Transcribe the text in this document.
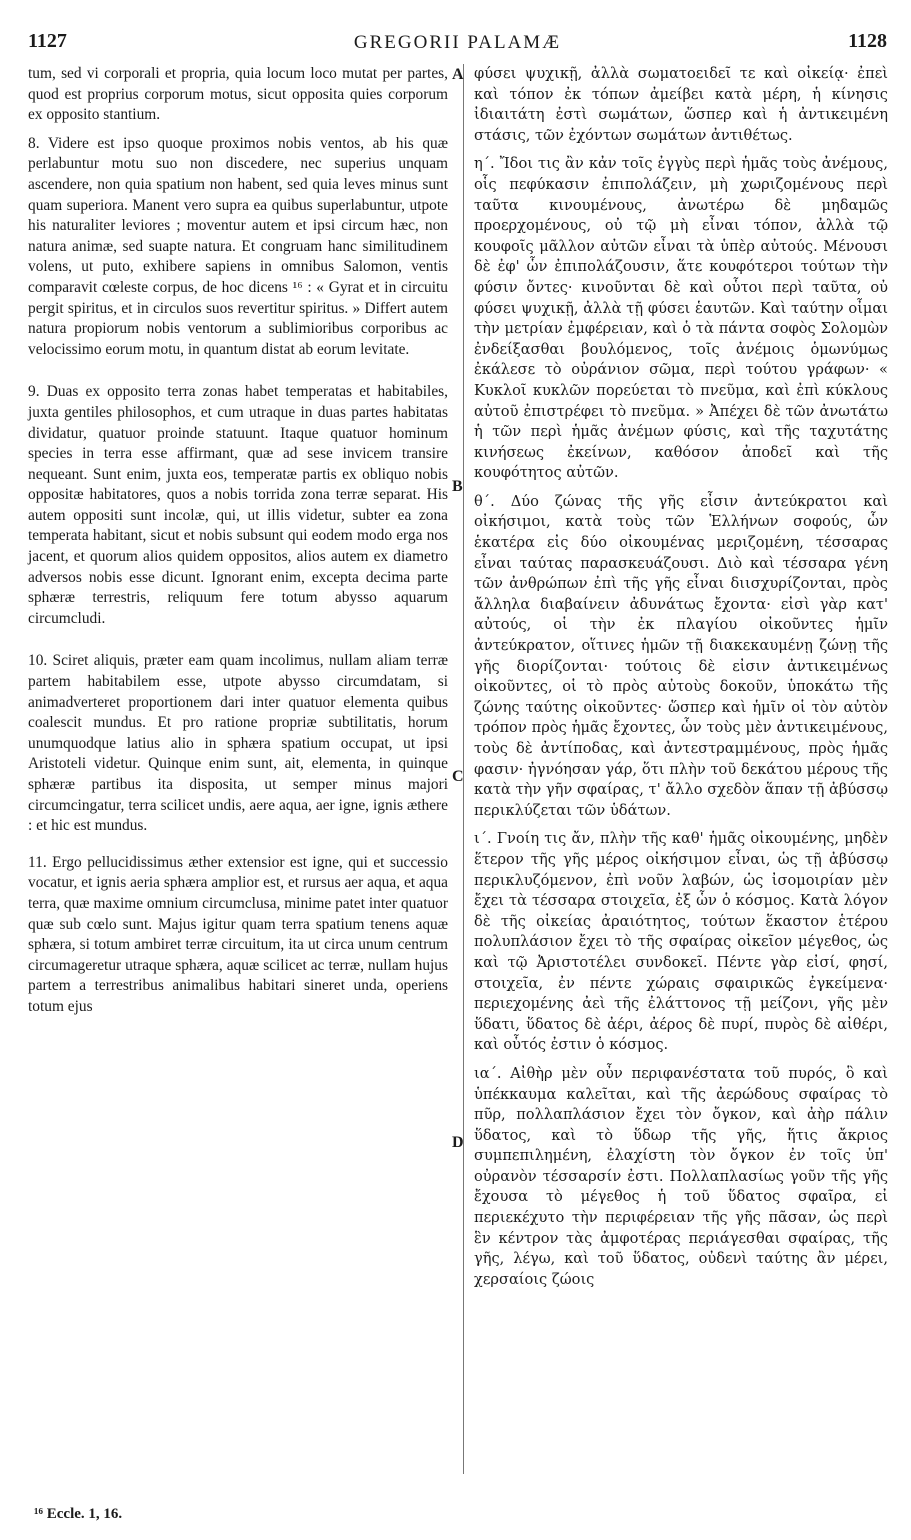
1127	GREGORII PALAMÆ	1128
A
B
C
D

tum, sed vi corporali et propria, quia locum loco mutat per partes, quod est proprius corporum motus, sicut opposita quies corporum ex opposito stantium.

8. Videre est ipso quoque proximos nobis ventos, ab his quæ perlabuntur motu suo non discedere, nec superius unquam ascendere, non quia spatium non habent, sed quia leves minus sunt quam superiora. Manent vero supra ea quibus superlabuntur, utpote his naturaliter leviores ; moventur autem et ipsi circum hæc, non natura animæ, sed suapte natura. Et congruam hanc similitudinem volens, ut puto, exhibere sapiens in omnibus Salomon, ventis comparavit cœleste corpus, de hoc dicens ¹⁶ : « Gyrat et in circuitu pergit spiritus, et in circulos suos revertitur spiritus. » Differt autem natura propiorum nobis ventorum a sublimioribus corporibus ac velocissimo eorum motu, in quantum distat ab eorum levitate.

9. Duas ex opposito terra zonas habet temperatas et habitabiles, juxta gentiles philosophos, et cum utraque in duas partes habitatas dividatur, quatuor proinde statuunt. Itaque quatuor hominum species in terra esse affirmant, quæ ad sese invicem transire nequeant. Sunt enim, juxta eos, temperatæ partis ex obliquo nobis oppositæ habitatores, quos a nobis torrida zona terræ separat. His autem oppositi sunt incolæ, qui, ut illis videtur, subter ea zona temperata habitant, sicut et nobis subsunt qui eodem modo erga nos jacent, et quorum alios quidem oppositos, alios autem ex diametro adversos nobis esse dicunt. Ignorant enim, excepta decima parte sphæræ terrestris, reliquum fere totum abysso aquarum circumcludi.

10. Sciret aliquis, præter eam quam incolimus, nullam aliam terræ partem habitabilem esse, utpote abysso circumdatam, si animadverteret proportionem dari inter quatuor elementa quibus coalescit mundus. Et pro ratione propriæ subtilitatis, horum unumquodque latius alio in sphæra spatium occupat, ut ipsi Aristoteli videtur. Quinque enim sunt, ait, elementa, in quinque sphæræ partibus ita disposita, ut semper minus majori circumcingatur, terra scilicet undis, aere aqua, aer igne, ignis æthere : et hic est mundus.

11. Ergo pellucidissimus æther extensior est igne, qui et successio vocatur, et ignis aeria sphæra amplior est, et rursus aer aqua, et aqua terra, quæ maxime omnium circumclusa, minime patet inter quatuor quæ sub cœlo sunt. Majus igitur quam terra spatium tenens aquæ sphæra, si totum ambiret terræ circuitum, ita ut circa unum centrum circumageretur utraque sphæra, aquæ scilicet ac terræ, nullam hujus partem a terrestribus animalibus habitari sineret unda, operiens totum ejus

φύσει ψυχικῇ, ἀλλὰ σωματοειδεῖ τε καὶ οἰκείᾳ· ἐπεὶ καὶ τόπον ἐκ τόπων ἀμείβει κατὰ μέρη, ἡ κίνησις ἰδιαιτάτη ἐστὶ σωμάτων, ὥσπερ καὶ ἡ ἀντικειμένη στάσις, τῶν ἐχόντων σωμάτων ἀντιθέτως.

η΄. Ἴδοι τις ἂν κἀν τοῖς ἐγγὺς περὶ ἡμᾶς τοὺς ἀνέμους, οἷς πεφύκασιν ἐπιπολάζειν, μὴ χωριζομένους περὶ ταῦτα κινουμένους, ἀνωτέρω δὲ μηδαμῶς προερχομένους, οὐ τῷ μὴ εἶναι τόπον, ἀλλὰ τῷ κουφοῖς μᾶλλον αὐτῶν εἶναι τὰ ὑπὲρ αὐτούς. Μένουσι δὲ ἐφ' ὧν ἐπιπολάζουσιν, ἅτε κουφότεροι τούτων τὴν φύσιν ὄντες· κινοῦνται δὲ καὶ οὗτοι περὶ ταῦτα, οὐ φύσει ψυχικῇ, ἀλλὰ τῇ φύσει ἑαυτῶν. Καὶ ταύτην οἶμαι τὴν μετρίαν ἐμφέρειαν, καὶ ὁ τὰ πάντα σοφὸς Σολομὼν ἐνδείξασθαι βουλόμενος, τοῖς ἀνέμοις ὁμωνύμως ἐκάλεσε τὸ οὐράνιον σῶμα, περὶ τούτου γράφων· « Κυκλοῖ κυκλῶν πορεύεται τὸ πνεῦμα, καὶ ἐπὶ κύκλους αὐτοῦ ἐπιστρέφει τὸ πνεῦμα. » Ἀπέχει δὲ τῶν ἀνωτάτω ἡ τῶν περὶ ἡμᾶς ἀνέμων φύσις, καὶ τῆς ταχυτάτης κινήσεως ἐκείνων, καθόσον ἀποδεῖ καὶ τῆς κουφότητος αὐτῶν.

θ΄. Δύο ζώνας τῆς γῆς εἶσιν ἀντεύκρατοι καὶ οἰκήσιμοι, κατὰ τοὺς τῶν Ἑλλήνων σοφούς, ὧν ἑκατέρα εἰς δύο οἰκουμένας μεριζομένη, τέσσαρας εἶναι ταύτας παρασκευάζουσι. Διὸ καὶ τέσσαρα γένη τῶν ἀνθρώπων ἐπὶ τῆς γῆς εἶναι διισχυρίζονται, πρὸς ἄλληλα διαβαίνειν ἀδυνάτως ἔχοντα· εἰσὶ γὰρ κατ' αὐτούς, οἱ τὴν ἐκ πλαγίου οἰκοῦντες ἡμῖν ἀντεύκρατον, οἵτινες ἡμῶν τῇ διακεκαυμένῃ ζώνῃ τῆς γῆς διορίζονται· τούτοις δὲ εἰσιν ἀντικειμένως οἰκοῦντες, οἱ τὸ πρὸς αὐτοὺς δοκοῦν, ὑποκάτω τῆς ζώνης ταύτης οἰκοῦντες· ὥσπερ καὶ ἡμῖν οἱ τὸν αὐτὸν τρόπον πρὸς ἡμᾶς ἔχοντες, ὧν τοὺς μὲν ἀντικειμένους, τοὺς δὲ ἀντίποδας, καὶ ἀντεστραμμένους, πρὸς ἡμᾶς φασιν· ἠγνόησαν γάρ, ὅτι πλὴν τοῦ δεκάτου μέρους τῆς κατὰ τὴν γῆν σφαίρας, τ' ἄλλο σχεδὸν ἅπαν τῇ ἀβύσσῳ περικλύζεται τῶν ὑδάτων.

ι΄. Γνοίη τις ἄν, πλὴν τῆς καθ' ἡμᾶς οἰκουμένης, μηδὲν ἕτερον τῆς γῆς μέρος οἰκήσιμον εἶναι, ὡς τῇ ἀβύσσῳ περικλυζόμενον, ἐπὶ νοῦν λαβών, ὡς ἰσομοιρίαν μὲν ἔχει τὰ τέσσαρα στοιχεῖα, ἐξ ὧν ὁ κόσμος. Κατὰ λόγον δὲ τῆς οἰκείας ἀραιότητος, τούτων ἕκαστον ἑτέρου πολυπλάσιον ἔχει τὸ τῆς σφαίρας οἰκεῖον μέγεθος, ὡς καὶ τῷ Ἀριστοτέλει συνδοκεῖ. Πέντε γὰρ εἰσί, φησί, στοιχεῖα, ἐν πέντε χώραις σφαιρικῶς ἐγκείμενα· περιεχομένης ἀεὶ τῆς ἐλάττονος τῇ μείζονι, γῆς μὲν ὕδατι, ὕδατος δὲ ἀέρι, ἀέρος δὲ πυρί, πυρὸς δὲ αἰθέρι, καὶ οὗτός ἐστιν ὁ κόσμος.

ια΄. Αἰθὴρ μὲν οὖν περιφανέστατα τοῦ πυρός, ὃ καὶ ὑπέκκαυμα καλεῖται, καὶ τῆς ἀερώδους σφαίρας τὸ πῦρ, πολλαπλάσιον ἔχει τὸν ὄγκον, καὶ ἀὴρ πάλιν ὕδατος, καὶ τὸ ὕδωρ τῆς γῆς, ἥτις ἄκριος συμπεπιλημένη, ἐλαχίστη τὸν ὄγκον ἐν τοῖς ὑπ' οὐρανὸν τέσσαρσίν ἐστι. Πολλαπλασίως γοῦν τῆς γῆς ἔχουσα τὸ μέγεθος ἡ τοῦ ὕδατος σφαῖρα, εἰ περιεκέχυτο τὴν περιφέρειαν τῆς γῆς πᾶσαν, ὡς περὶ ἓν κέντρον τὰς ἀμφοτέρας περιάγεσθαι σφαίρας, τῆς γῆς, λέγω, καὶ τοῦ ὕδατος, οὐδενὶ ταύτης ἂν μέρει, χερσαίοις ζώοις

¹⁶ Eccle. 1, 16.
